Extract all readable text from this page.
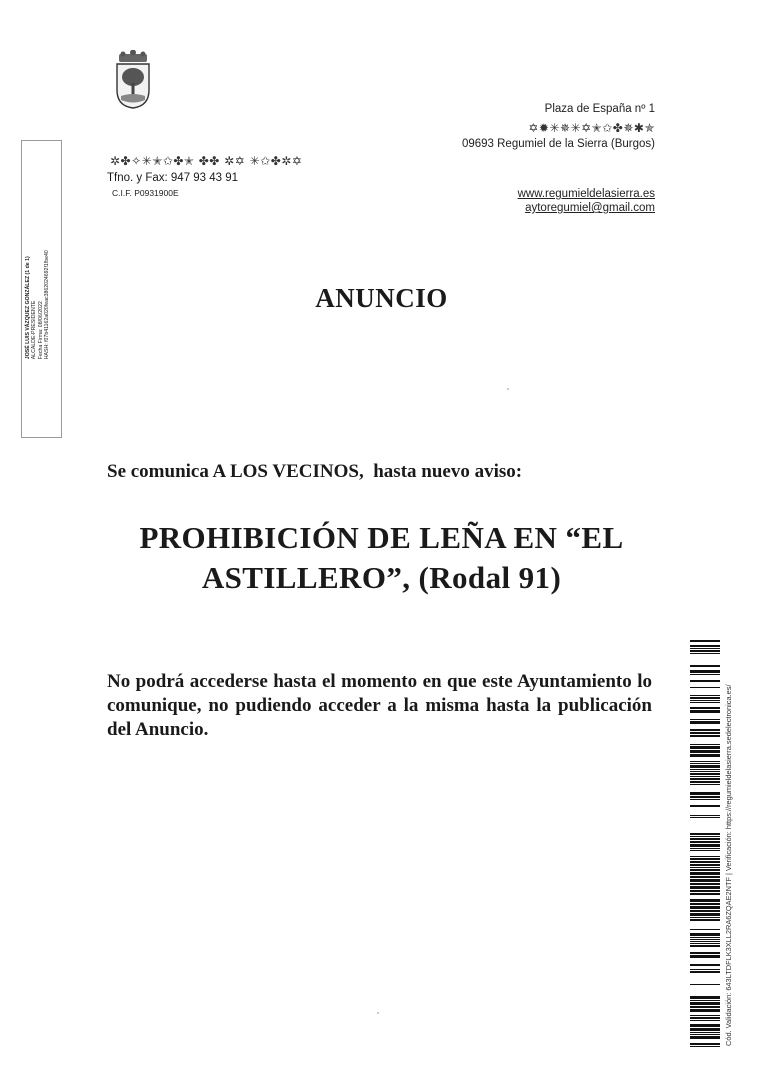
Plaza de España nº 1
✡✹✳✵✳✡✭✩✤✵✱✯
09693 Regumiel de la Sierra (Burgos)
www.regumieldelasierra.es
aytoregumiel@gmail.com
✲✤✧✳✭✩✤✭ ✤✤ ✲✡ ✳✩✤✲✡
Tfno. y Fax: 947 93 43 91
C.I.F. P0931900E
JOSÉ LUIS VÁZQUEZ GONZÁLEZ (1 de 1) ALCALDE-PRESIDENTE Fecha Firma: 08/06/2022 HASH: f07b41162a020feac3862024692f1fbe40	ANUNCIO
Se comunica A LOS VECINOS,  hasta nuevo aviso:
PROHIBICIÓN DE LEÑA EN “EL ASTILLERO”, (Rodal 91)
No podrá accederse hasta el momento en que este Ayuntamiento lo comunique, no pudiendo acceder a la misma hasta la publicación del Anuncio.	Cód. Validación: 643LTDFLK3XLL2RA6ZQAE2NTF | Verificación: https://regumieldelasierra.sedelectronica.es/
